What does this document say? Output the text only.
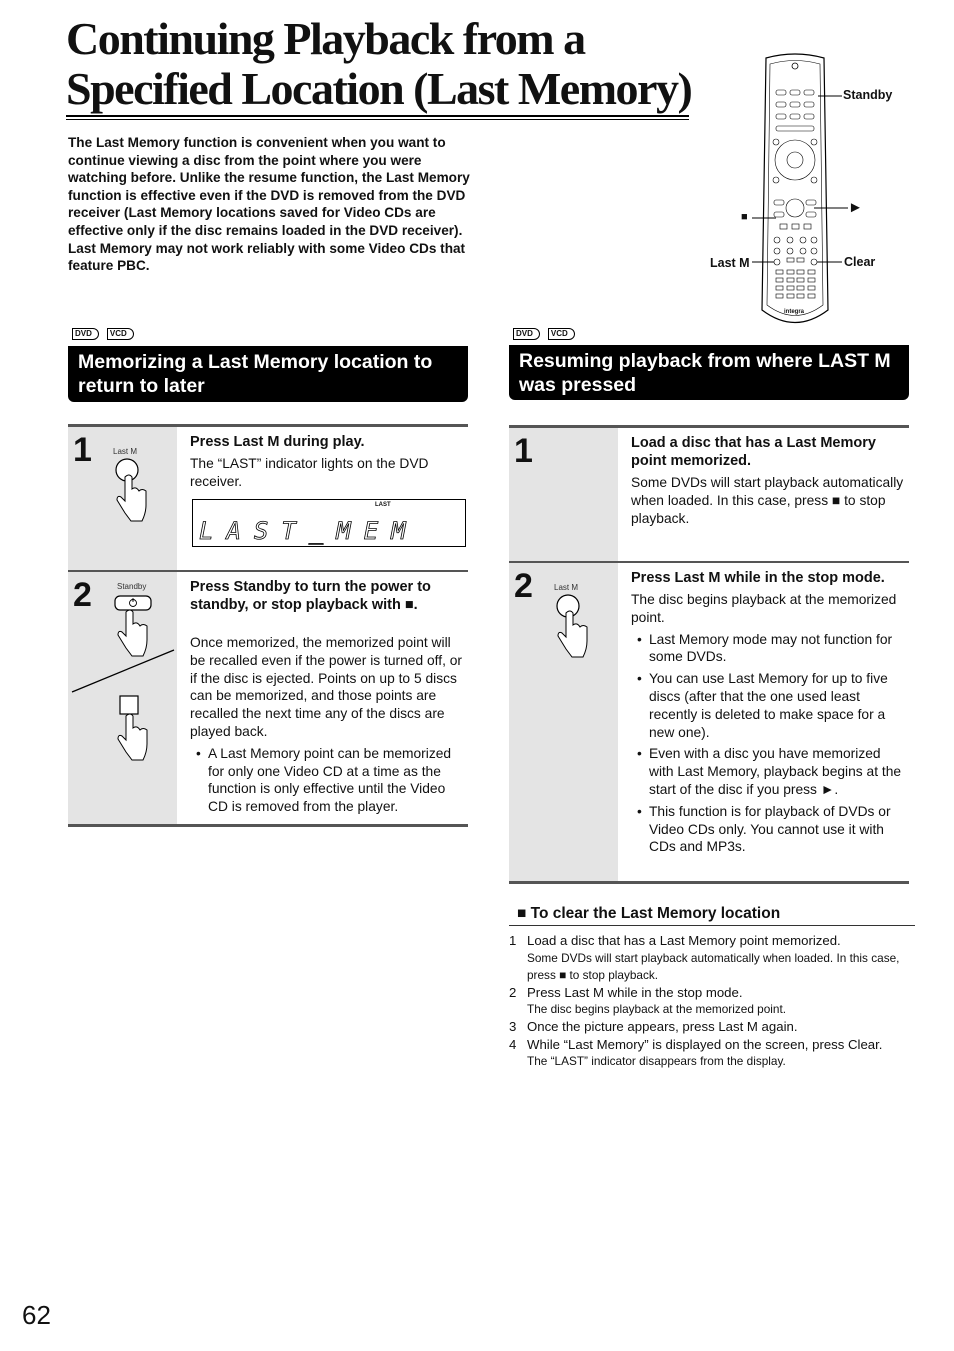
Continuing Playback from a
Specified Location (Last Memory)

The Last Memory function is convenient when you want to continue viewing a disc from the point where you were watching before. Unlike the resume function, the Last Memory function is effective even if the DVD is removed from the DVD receiver (Last Memory locations saved for Video CDs are effective only if the disc remains loaded in the DVD receiver).

Last Memory may not work reliably with some Video CDs that feature PBC.

Standby
■
►
Last M	Clear
integra
DVD	VCD
Memorizing a Last Memory location to return to later
1	Last M

Press Last M during play.

The “LAST” indicator lights on the DVD receiver.

LAST
LAST_MEM
2	Standby	Press Standby to turn the power to standby, or stop playback with ■.

Once memorized, the memorized point will be recalled even if the power is turned off, or if the disc is ejected. Points on up to 5 discs can be memorized, and those points are recalled the next time any of the discs are played back.

• A Last Memory point can be memorized for only one Video CD at a time as the function is only effective until the Video CD is removed from the player.
DVD	VCD
Resuming playback from where LAST M was pressed
1	Load a disc that has a Last Memory point memorized.

Some DVDs will start playback automatically when loaded. In this case, press ■ to stop playback.

2	Last M

Press Last M while in the stop mode.

The disc begins playback at the memorized point.

• Last Memory mode may not function for some DVDs.
• You can use Last Memory for up to five discs (after that the one used least recently is deleted to make space for a new one).
• Even with a disc you have memorized with Last Memory, playback begins at the start of the disc if you press ►.
• This function is for playback of DVDs or Video CDs only. You cannot use it with CDs and MP3s.
■ To clear the Last Memory location
1 Load a disc that has a Last Memory point memorized.
Some DVDs will start playback automatically when loaded. In this case, press ■ to stop playback.
2 Press Last M while in the stop mode.
The disc begins playback at the memorized point.
3 Once the picture appears, press Last M again.
4 While “Last Memory” is displayed on the screen, press Clear.
The “LAST” indicator disappears from the display.
62
